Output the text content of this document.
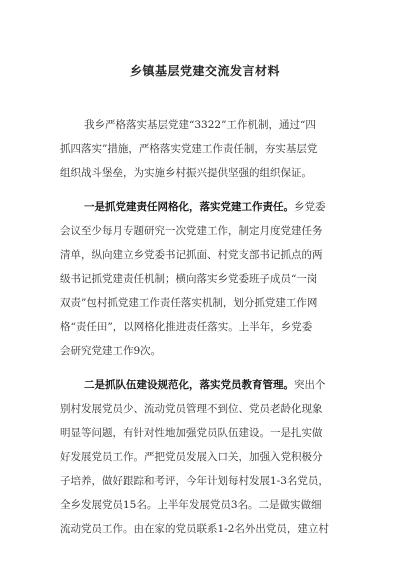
乡镇基层党建交流发言材料
我乡严格落实基层党建“3322”工作机制，通过“四
抓四落实”措施，严格落实党建工作责任制，夯实基层党
组织战斗堡垒，为实施乡村振兴提供坚强的组织保证。
一是抓党建责任网格化，落实党建工作责任。乡党委
会议至少每月专题研究一次党建工作，制定月度党建任务
清单，纵向建立乡党委书记抓面、村党支部书记抓点的两
级书记抓党建责任机制；横向落实乡党委班子成员“一岗
双责”包村抓党建工作责任落实机制，划分抓党建工作网
格“责任田”，以网格化推进责任落实。上半年，乡党委
会研究党建工作9次。
二是抓队伍建设规范化，落实党员教育管理。突出个
别村发展党员少、流动党员管理不到位、党员老龄化现象
明显等问题，有针对性地加强党员队伍建设。一是扎实做
好发展党员工作。严把党员发展入口关，加强入党积极分
子培养，做好跟踪和考评，今年计划每村发展1-3名党员，
全乡发展党员15名。上半年发展党员3名。二是做实做细
流动党员工作。由在家的党员联系1-2名外出党员，建立村
